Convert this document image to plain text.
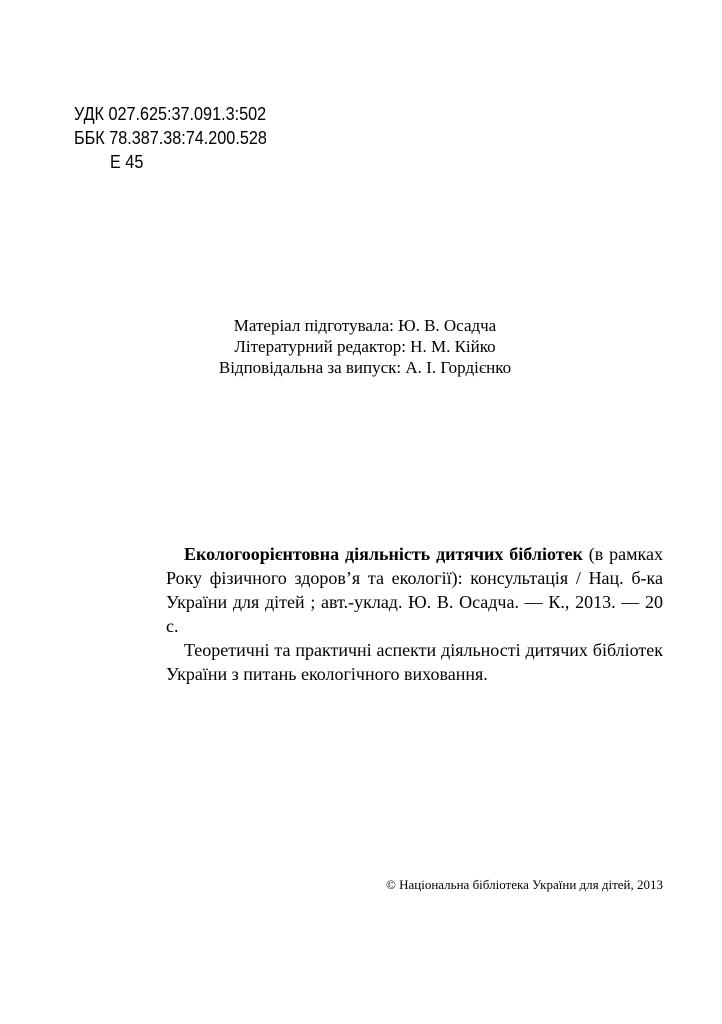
УДК 027.625:37.091.3:502
ББК 78.387.38:74.200.528
Е 45
Матеріал підготувала: Ю. В. Осадча
Літературний редактор: Н. М. Кійко
Відповідальна за випуск: А. І. Гордієнко

Екологоорієнтовна діяльність дитячих бібліотек (в рамках Року фізичного здоров’я та екології): консультація / Нац. б-ка України для дітей ; авт.-уклад. Ю. В. Осадча. — К., 2013. — 20 с.

Теоретичні та практичні аспекти діяльності дитячих бібліотек України з питань екологічного виховання.

© Національна бібліотека України для дітей, 2013
